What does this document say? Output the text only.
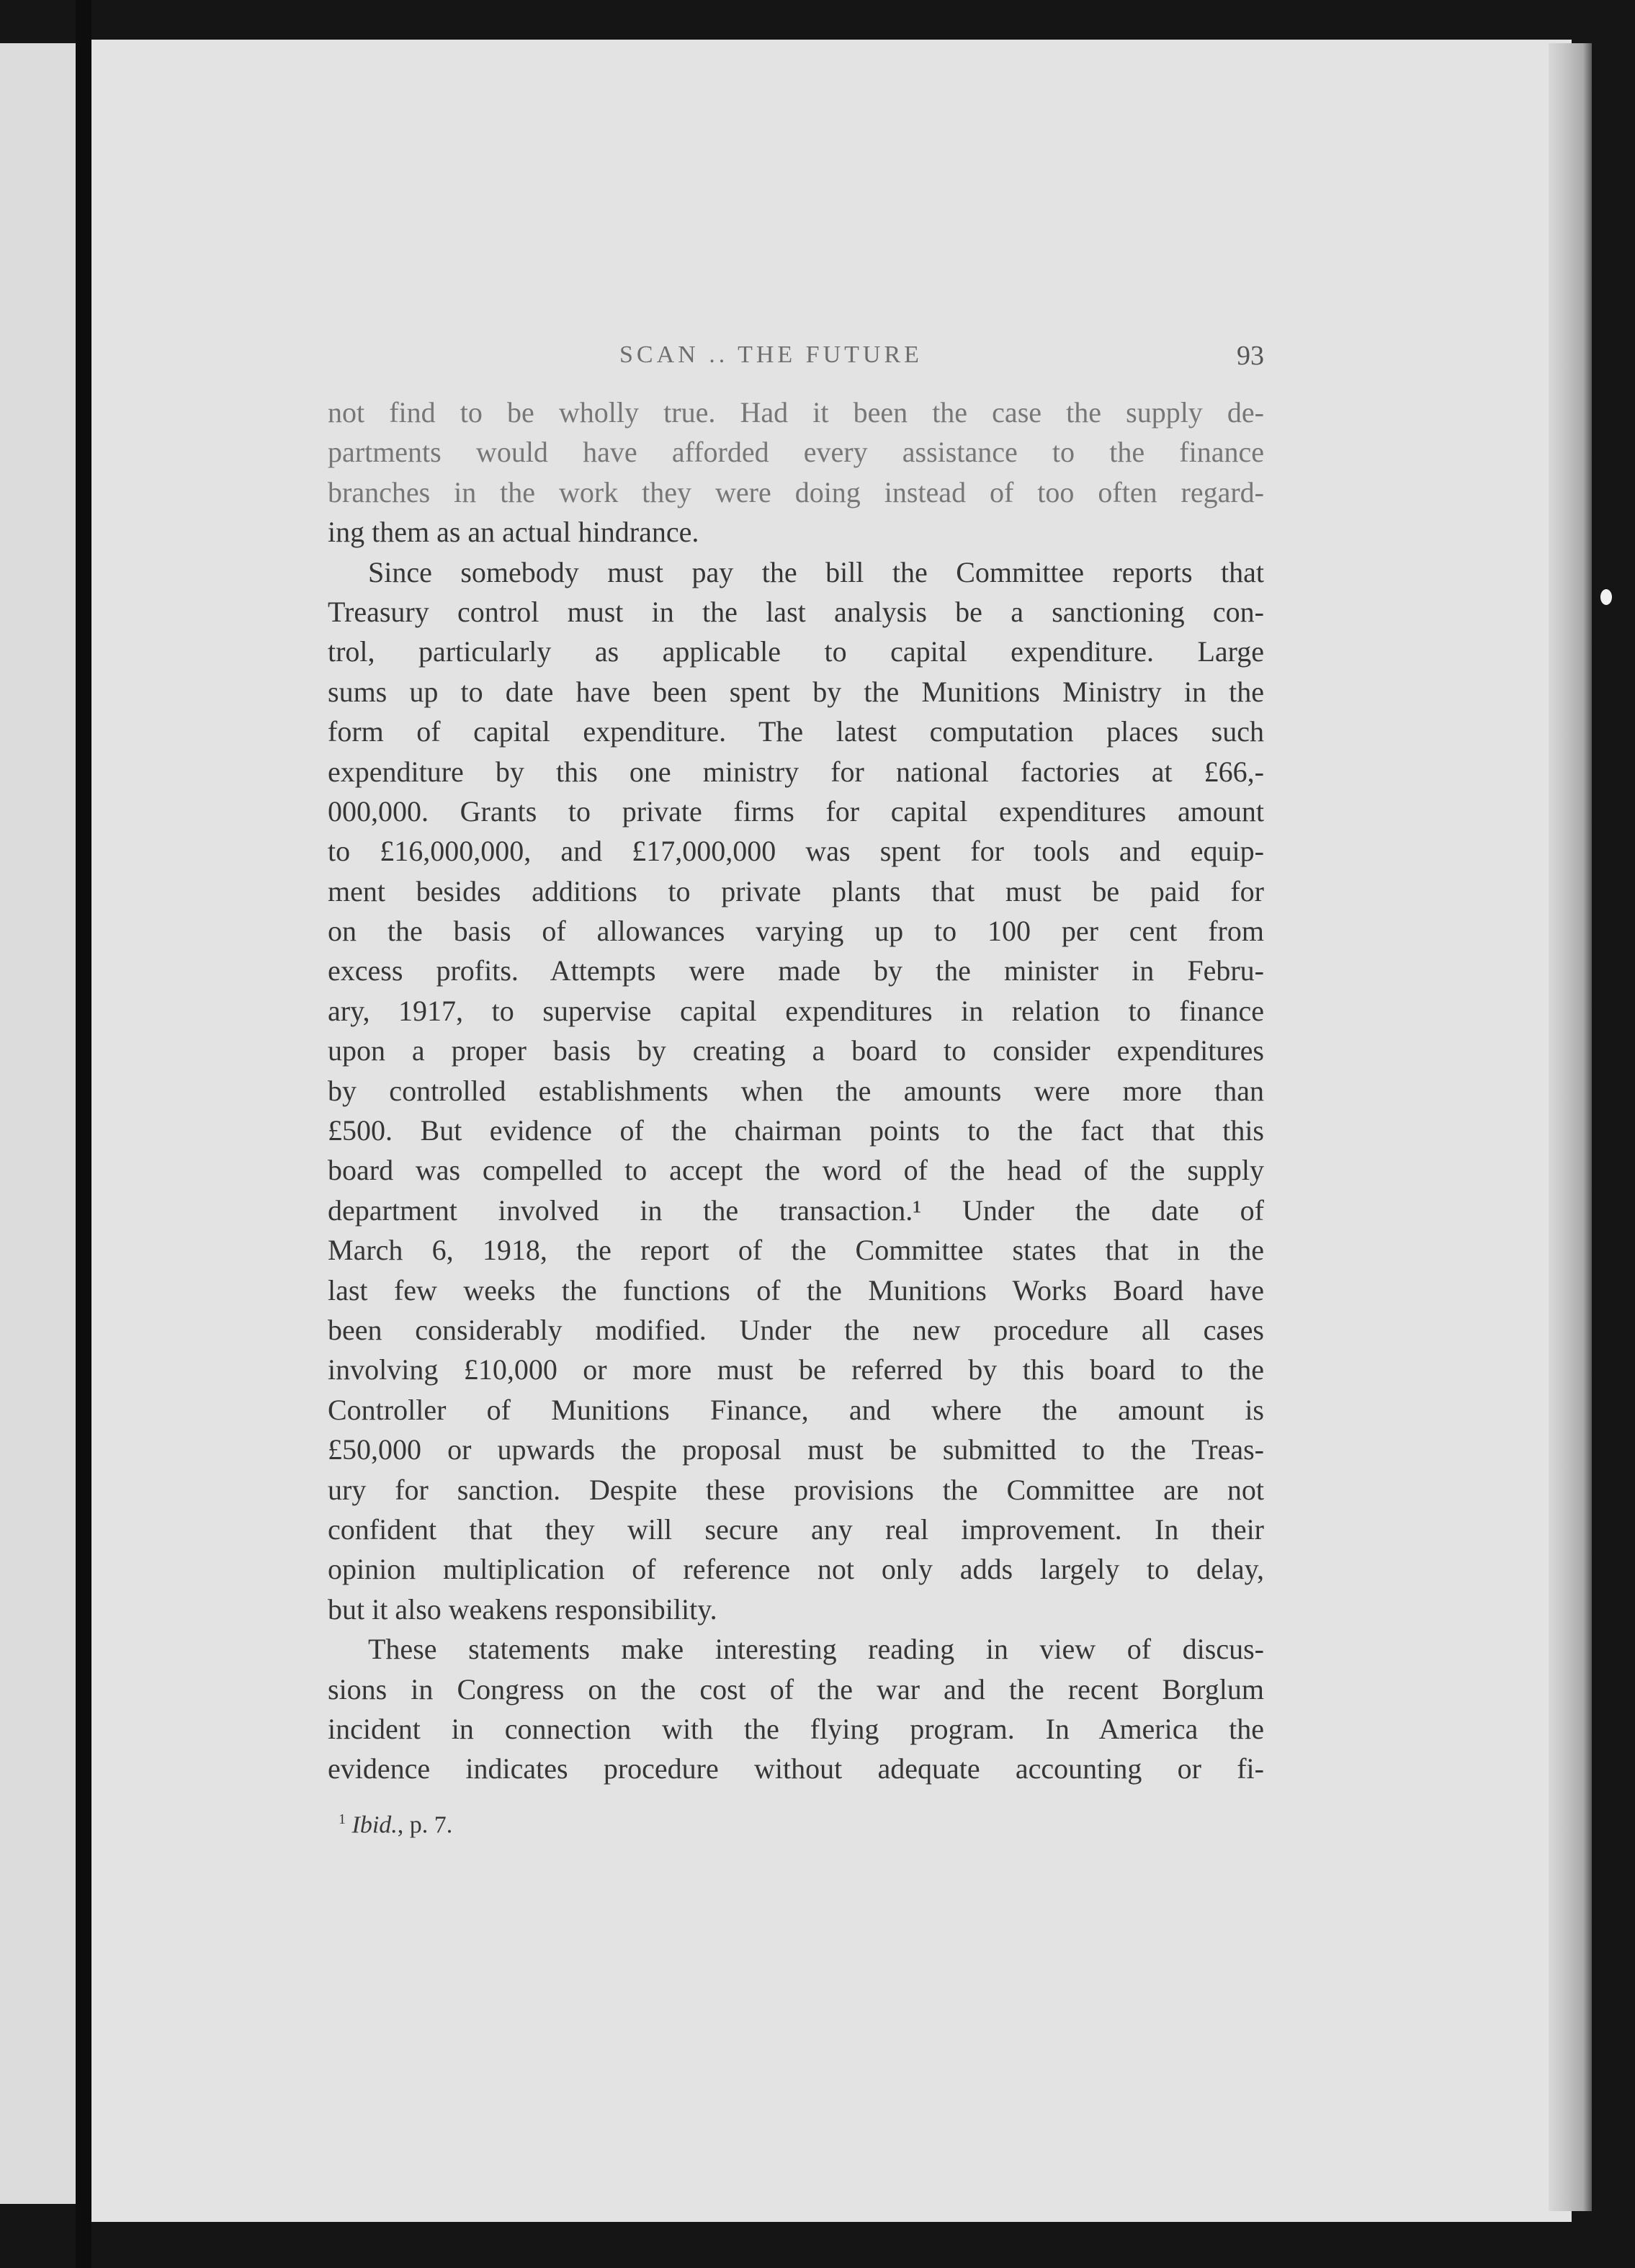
SCAN .. THE FUTURE	93
not find to be wholly true. Had it been the case the supply de-
partments would have afforded every assistance to the finance
branches in the work they were doing instead of too often regard-
ing them as an actual hindrance.
Since somebody must pay the bill the Committee reports that
Treasury control must in the last analysis be a sanctioning con-
trol, particularly as applicable to capital expenditure. Large
sums up to date have been spent by the Munitions Ministry in the
form of capital expenditure. The latest computation places such
expenditure by this one ministry for national factories at £66,-
000,000. Grants to private firms for capital expenditures amount
to £16,000,000, and £17,000,000 was spent for tools and equip-
ment besides additions to private plants that must be paid for
on the basis of allowances varying up to 100 per cent from
excess profits. Attempts were made by the minister in Febru-
ary, 1917, to supervise capital expenditures in relation to finance
upon a proper basis by creating a board to consider expenditures
by controlled establishments when the amounts were more than
£500. But evidence of the chairman points to the fact that this
board was compelled to accept the word of the head of the supply
department involved in the transaction.¹ Under the date of
March 6, 1918, the report of the Committee states that in the
last few weeks the functions of the Munitions Works Board have
been considerably modified. Under the new procedure all cases
involving £10,000 or more must be referred by this board to the
Controller of Munitions Finance, and where the amount is
£50,000 or upwards the proposal must be submitted to the Treas-
ury for sanction. Despite these provisions the Committee are not
confident that they will secure any real improvement. In their
opinion multiplication of reference not only adds largely to delay,
but it also weakens responsibility.
These statements make interesting reading in view of discus-
sions in Congress on the cost of the war and the recent Borglum
incident in connection with the flying program. In America the
evidence indicates procedure without adequate accounting or fi-
$^1$ Ibid., p. 7.
